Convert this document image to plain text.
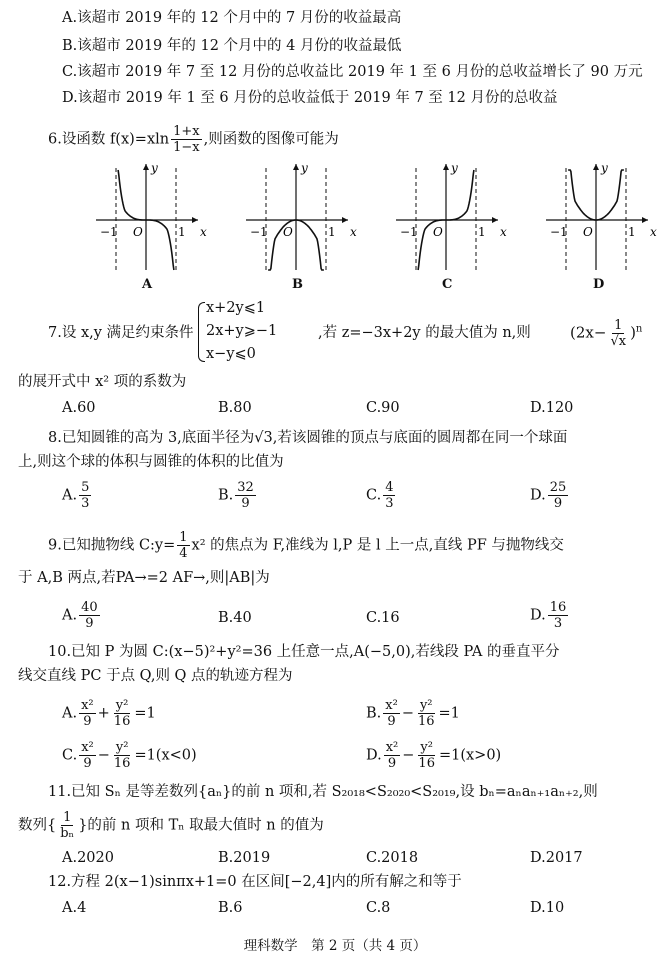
A.该超市 2019 年的 12 个月中的 7 月份的收益最高
B.该超市 2019 年的 12 个月中的 4 月份的收益最低
C.该超市 2019 年 7 至 12 月份的总收益比 2019 年 1 至 6 月份的总收益增长了 90 万元
D.该超市 2019 年 1 至 6 月份的总收益低于 2019 年 7 至 12 月份的总收益
6.设函数 $f(x)=xln \frac{1+x}{1-x}$ ,则函数的图像可能为
−1	1
O	x
y
−1	1
O	x
y
−1	1
O	x
y
−1	1
O	x
y
A	B	C	D
7.设 x,y 满足约束条件
x+2y⩽1
2x+y⩾−1
x−y⩽0
,若 z=−3x+2y 的最大值为 n,则	$(2x- \frac{1}{√x} )^n$
的展开式中 x² 项的系数为
A.60	B.80	C.90	D.120
8.已知圆锥的高为 3,底面半径为√3,若该圆锥的顶点与底面的圆周都在同一个球面
上,则这个球的体积与圆锥的体积的比值为
A. $\frac{5}{3}$	B. $\frac{32}{9}$	C. $\frac{4}{3}$	D. $\frac{25}{9}$
9.已知抛物线 C:y= $\frac{1}{4} x^2$ 的焦点为 F,准线为 l,P 是 l 上一点,直线 PF 与抛物线交
于 A,B 两点,若PA→=2 AF→,则|AB|为
A. $\frac{40}{9}$	B.40	C.16	D. $\frac{16}{3}$
10.已知 P 为圆 C:(x−5)²+y²=36 上任意一点,A(−5,0),若线段 PA 的垂直平分
线交直线 PC 于点 Q,则 Q 点的轨迹方程为
A. $\frac{\text{x²}}{9} + \frac{\text{y²}}{16} =1$	B. $\frac{\text{x²}}{9} - \frac{\text{y²}}{16} =1$
C. $\frac{\text{x²}}{9} - \frac{\text{y²}}{16} =1(x<0)$	D. $\frac{\text{x²}}{9} - \frac{\text{y²}}{16} =1(x>0)$
11.已知 Sₙ 是等差数列{aₙ}的前 n 项和,若 S₂₀₁₈<S₂₀₂₀<S₂₀₁₉,设 bₙ=aₙaₙ₊₁aₙ₊₂,则
数列{ $\frac{1}{\text{bₙ}}$ }的前 n 项和 Tₙ 取最大值时 n 的值为
A.2020	B.2019	C.2018	D.2017
12.方程 2(x−1)sinπx+1=0 在区间[−2,4]内的所有解之和等于
A.4	B.6	C.8	D.10
理科数学　第 2 页（共 4 页）
